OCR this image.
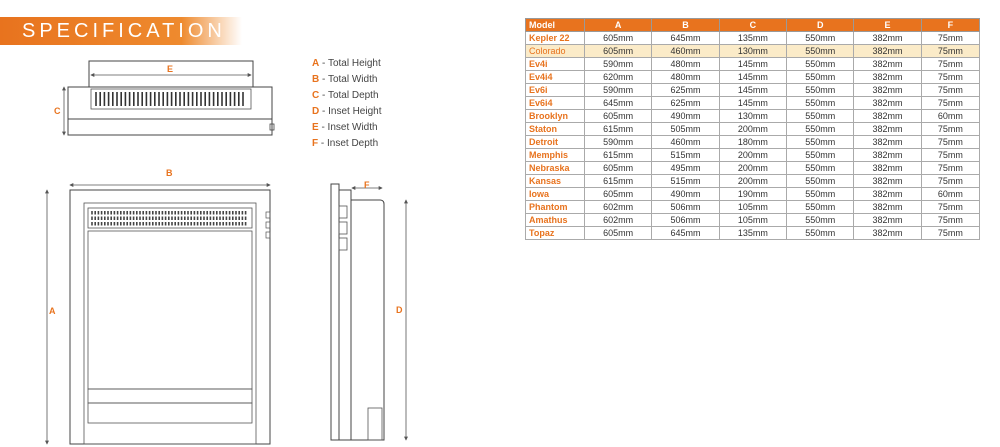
SPECIFICATION
E
C
B
A
F
D
A - Total Height
B - Total Width
C - Total Depth
D - Inset Height
E - Inset Width
F - Inset Depth
Model	A	B	C	D	E	F
Kepler 22	605mm	645mm	135mm	550mm	382mm	75mm
Colorado	605mm	460mm	130mm	550mm	382mm	75mm
Ev4i	590mm	480mm	145mm	550mm	382mm	75mm
Ev4i4	620mm	480mm	145mm	550mm	382mm	75mm
Ev6i	590mm	625mm	145mm	550mm	382mm	75mm
Ev6i4	645mm	625mm	145mm	550mm	382mm	75mm
Brooklyn	605mm	490mm	130mm	550mm	382mm	60mm
Staton	615mm	505mm	200mm	550mm	382mm	75mm
Detroit	590mm	460mm	180mm	550mm	382mm	75mm
Memphis	615mm	515mm	200mm	550mm	382mm	75mm
Nebraska	605mm	495mm	200mm	550mm	382mm	75mm
Kansas	615mm	515mm	200mm	550mm	382mm	75mm
Iowa	605mm	490mm	190mm	550mm	382mm	60mm
Phantom	602mm	506mm	105mm	550mm	382mm	75mm
Amathus	602mm	506mm	105mm	550mm	382mm	75mm
Topaz	605mm	645mm	135mm	550mm	382mm	75mm
